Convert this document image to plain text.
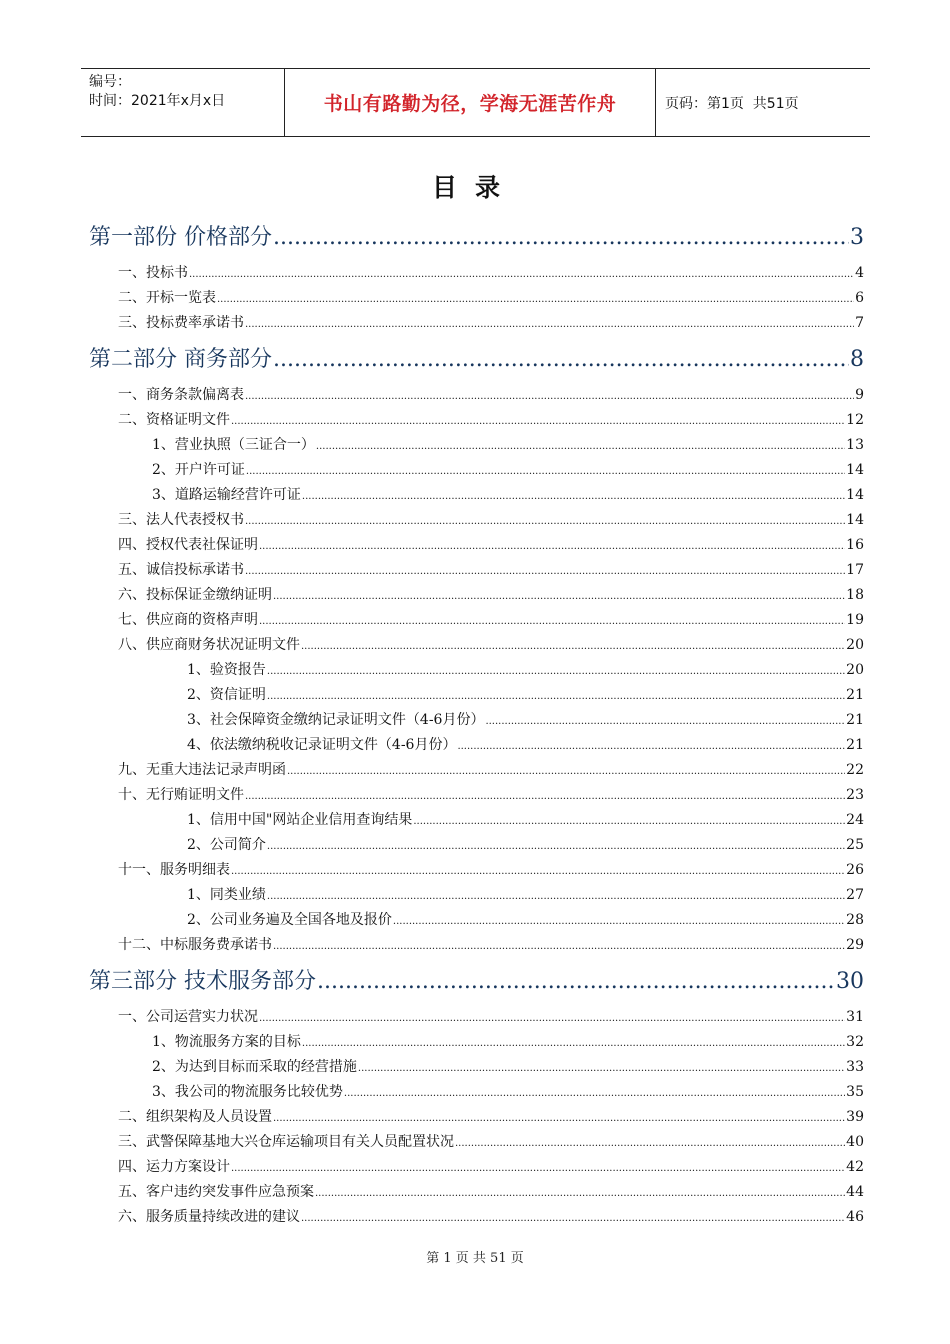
编号：
时间：2021年x月x日	书山有路勤为径，学海无涯苦作舟	页码：第1页  共51页
目录
第一部份 价格部分 .....	3
一、投标书 .....	4
二、开标一览表 .....	6
三、投标费率承诺书 .....	7
第二部分 商务部分 .....	8
一、商务条款偏离表 .....	9
二、资格证明文件 .....	12
1、营业执照（三证合一） .....	13
2、开户许可证 .....	14
3、道路运输经营许可证 .....	14
三、法人代表授权书 .....	14
四、授权代表社保证明 .....	16
五、诚信投标承诺书 .....	17
六、投标保证金缴纳证明 .....	18
七、供应商的资格声明 .....	19
八、供应商财务状况证明文件 .....	20
1、验资报告 .....	20
2、资信证明 .....	21
3、社会保障资金缴纳记录证明文件（4-6月份） .....	21
4、依法缴纳税收记录证明文件（4-6月份） .....	21
九、无重大违法记录声明函 .....	22
十、无行贿证明文件 .....	23
1、信用中国"网站企业信用查询结果 .....	24
2、公司简介 .....	25
十一、服务明细表 .....	26
1、同类业绩 .....	27
2、公司业务遍及全国各地及报价 .....	28
十二、中标服务费承诺书 .....	29
第三部分 技术服务部分 .....	30
一、公司运营实力状况 .....	31
1、物流服务方案的目标 .....	32
2、为达到目标而采取的经营措施 .....	33
3、我公司的物流服务比较优势 .....	35
二、组织架构及人员设置 .....	39
三、武警保障基地大兴仓库运输项目有关人员配置状况 .....	40
四、运力方案设计 .....	42
五、客户违约突发事件应急预案 .....	44
六、服务质量持续改进的建议 .....	46
第 1 页 共 51 页
